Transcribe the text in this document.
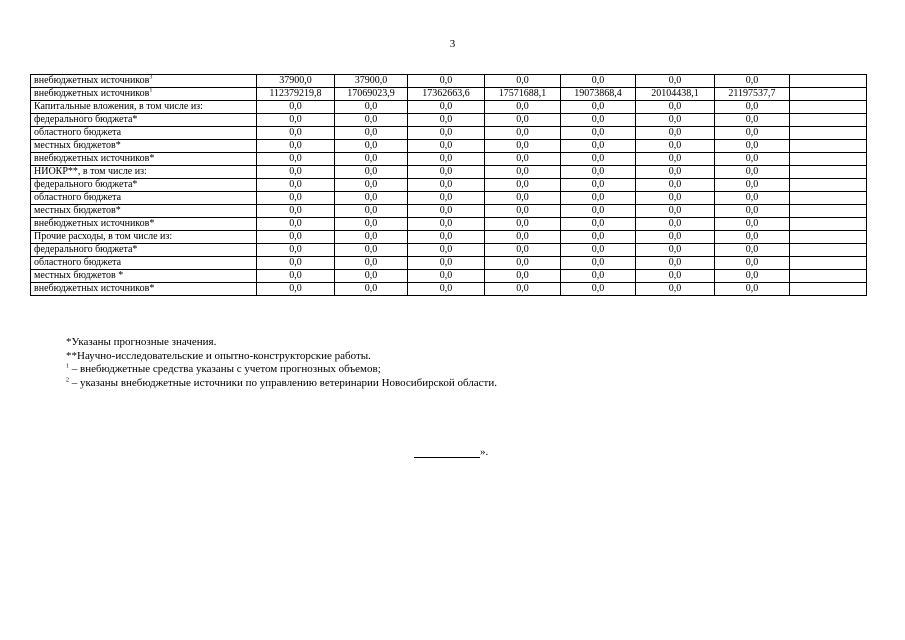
3
внебюджетных источников$^3$	37900,0	37900,0	0,0	0,0	0,0	0,0	0,0	
внебюджетных источников$^1$	112379219,8	17069023,9	17362663,6	17571688,1	19073868,4	20104438,1	21197537,7	
Капитальные вложения, в том числе из:	0,0	0,0	0,0	0,0	0,0	0,0	0,0	
федерального бюджета*	0,0	0,0	0,0	0,0	0,0	0,0	0,0	
областного бюджета	0,0	0,0	0,0	0,0	0,0	0,0	0,0	
местных бюджетов*	0,0	0,0	0,0	0,0	0,0	0,0	0,0	
внебюджетных источников*	0,0	0,0	0,0	0,0	0,0	0,0	0,0	
НИОКР**, в том числе из:	0,0	0,0	0,0	0,0	0,0	0,0	0,0	
федерального бюджета*	0,0	0,0	0,0	0,0	0,0	0,0	0,0	
областного бюджета	0,0	0,0	0,0	0,0	0,0	0,0	0,0	
местных бюджетов*	0,0	0,0	0,0	0,0	0,0	0,0	0,0	
внебюджетных источников*	0,0	0,0	0,0	0,0	0,0	0,0	0,0	
Прочие расходы, в том числе из:	0,0	0,0	0,0	0,0	0,0	0,0	0,0	
федерального бюджета*	0,0	0,0	0,0	0,0	0,0	0,0	0,0	
областного бюджета	0,0	0,0	0,0	0,0	0,0	0,0	0,0	
местных бюджетов *	0,0	0,0	0,0	0,0	0,0	0,0	0,0	
внебюджетных источников*	0,0	0,0	0,0	0,0	0,0	0,0	0,0	
*Указаны прогнозные значения.
**Научно-исследовательские и опытно-конструкторские работы.
$^1$ – внебюджетные средства указаны с учетом прогнозных объемов;
$^2$ – указаны внебюджетные источники по управлению ветеринарии Новосибирской области.
».
